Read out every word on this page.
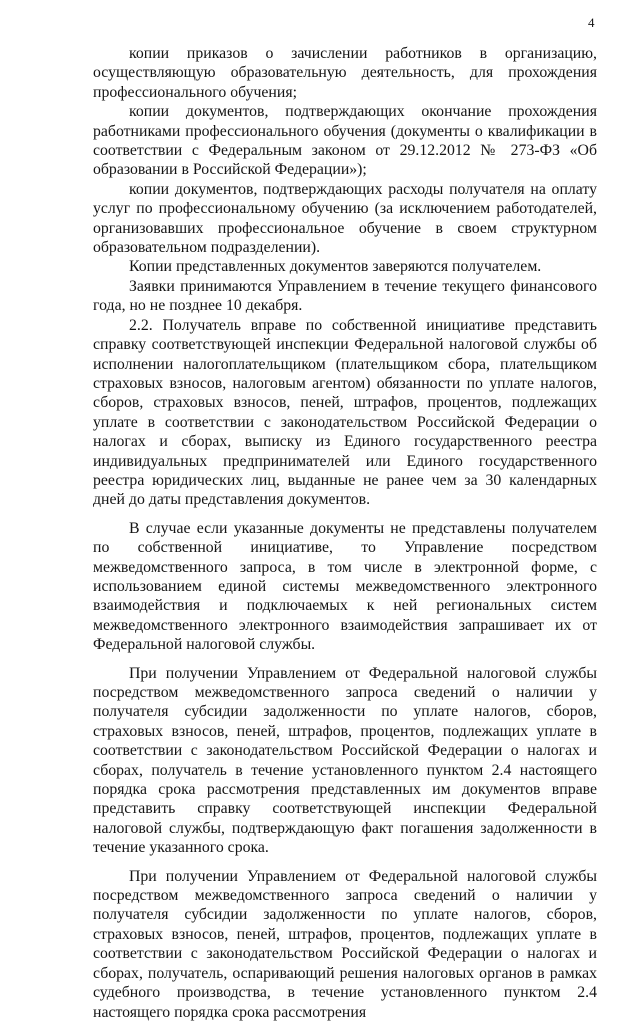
4

копии приказов о зачислении работников в организацию, осуществляющую образовательную деятельность, для прохождения профессионального обучения;

копии документов, подтверждающих окончание прохождения работниками профессионального обучения (документы о квалификации в соответствии с Федеральным законом от 29.12.2012 № 273-ФЗ «Об образовании в Российской Федерации»);

копии документов, подтверждающих расходы получателя на оплату услуг по профессиональному обучению (за исключением работодателей, организовавших профессиональное обучение в своем структурном образовательном подразделении).

Копии представленных документов заверяются получателем.

Заявки принимаются Управлением в течение текущего финансового года, но не позднее 10 декабря.

2.2. Получатель вправе по собственной инициативе представить справку соответствующей инспекции Федеральной налоговой службы об исполнении налогоплательщиком (плательщиком сбора, плательщиком страховых взносов, налоговым агентом) обязанности по уплате налогов, сборов, страховых взносов, пеней, штрафов, процентов, подлежащих уплате в соответствии с законодательством Российской Федерации о налогах и сборах, выписку из Единого государственного реестра индивидуальных предпринимателей или Единого государственного реестра юридических лиц, выданные не ранее чем за 30 календарных дней до даты представления документов.

В случае если указанные документы не представлены получателем по собственной инициативе, то Управление посредством межведомственного запроса, в том числе в электронной форме, с использованием единой системы межведомственного электронного взаимодействия и подключаемых к ней региональных систем межведомственного электронного взаимодействия запрашивает их от Федеральной налоговой службы.

При получении Управлением от Федеральной налоговой службы посредством межведомственного запроса сведений о наличии у получателя субсидии задолженности по уплате налогов, сборов, страховых взносов, пеней, штрафов, процентов, подлежащих уплате в соответствии с законодательством Российской Федерации о налогах и сборах, получатель в течение установленного пунктом 2.4 настоящего порядка срока рассмотрения представленных им документов вправе представить справку соответствующей инспекции Федеральной налоговой службы, подтверждающую факт погашения задолженности в течение указанного срока.

При получении Управлением от Федеральной налоговой службы посредством межведомственного запроса сведений о наличии у получателя субсидии задолженности по уплате налогов, сборов, страховых взносов, пеней, штрафов, процентов, подлежащих уплате в соответствии с законодательством Российской Федерации о налогах и сборах, получатель, оспаривающий решения налоговых органов в рамках судебного производства, в течение установленного пунктом 2.4 настоящего порядка срока рассмотрения
